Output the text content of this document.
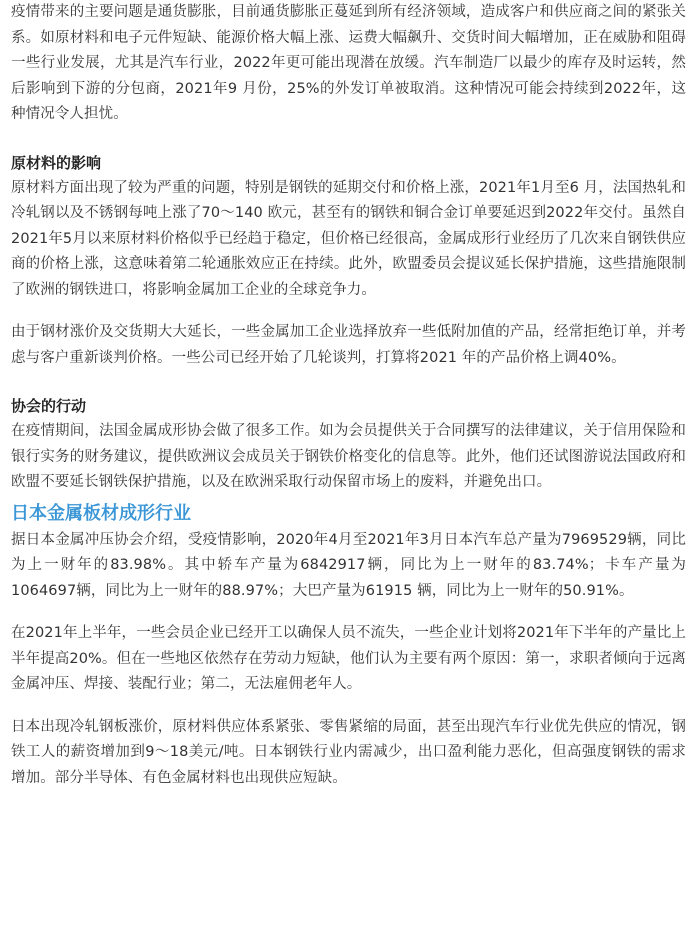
疫情带来的主要问题是通货膨胀，目前通货膨胀正蔓延到所有经济领域，造成客户和供应商之间的紧张关系。如原材料和电子元件短缺、能源价格大幅上涨、运费大幅飙升、交货时间大幅增加，正在威胁和阻碍一些行业发展，尤其是汽车行业，2022年更可能出现潜在放缓。汽车制造厂以最少的库存及时运转，然后影响到下游的分包商，2021年9 月份，25%的外发订单被取消。这种情况可能会持续到2022年，这种情况令人担忧。

原材料的影响

原材料方面出现了较为严重的问题，特别是钢铁的延期交付和价格上涨，2021年1月至6 月，法国热轧和冷轧钢以及不锈钢每吨上涨了70～140 欧元，甚至有的钢铁和铜合金订单要延迟到2022年交付。虽然自2021年5月以来原材料价格似乎已经趋于稳定，但价格已经很高，金属成形行业经历了几次来自钢铁供应商的价格上涨，这意味着第二轮通胀效应正在持续。此外，欧盟委员会提议延长保护措施，这些措施限制了欧洲的钢铁进口，将影响金属加工企业的全球竞争力。

由于钢材涨价及交货期大大延长，一些金属加工企业选择放弃一些低附加值的产品，经常拒绝订单，并考虑与客户重新谈判价格。一些公司已经开始了几轮谈判，打算将2021 年的产品价格上调40%。

协会的行动

在疫情期间，法国金属成形协会做了很多工作。如为会员提供关于合同撰写的法律建议，关于信用保险和银行实务的财务建议，提供欧洲议会成员关于钢铁价格变化的信息等。此外，他们还试图游说法国政府和欧盟不要延长钢铁保护措施，以及在欧洲采取行动保留市场上的废料，并避免出口。

日本金属板材成形行业

据日本金属冲压协会介绍，受疫情影响，2020年4月至2021年3月日本汽车总产量为7969529辆，同比为上一财年的83.98%。其中轿车产量为6842917辆，同比为上一财年的83.74%；卡车产量为1064697辆，同比为上一财年的88.97%；大巴产量为61915 辆，同比为上一财年的50.91%。

在2021年上半年，一些会员企业已经开工以确保人员不流失，一些企业计划将2021年下半年的产量比上半年提高20%。但在一些地区依然存在劳动力短缺，他们认为主要有两个原因：第一，求职者倾向于远离金属冲压、焊接、装配行业；第二，无法雇佣老年人。

日本出现冷轧钢板涨价，原材料供应体系紧张、零售紧缩的局面，甚至出现汽车行业优先供应的情况，钢铁工人的薪资增加到9～18美元/吨。日本钢铁行业内需减少，出口盈利能力恶化，但高强度钢铁的需求增加。部分半导体、有色金属材料也出现供应短缺。
